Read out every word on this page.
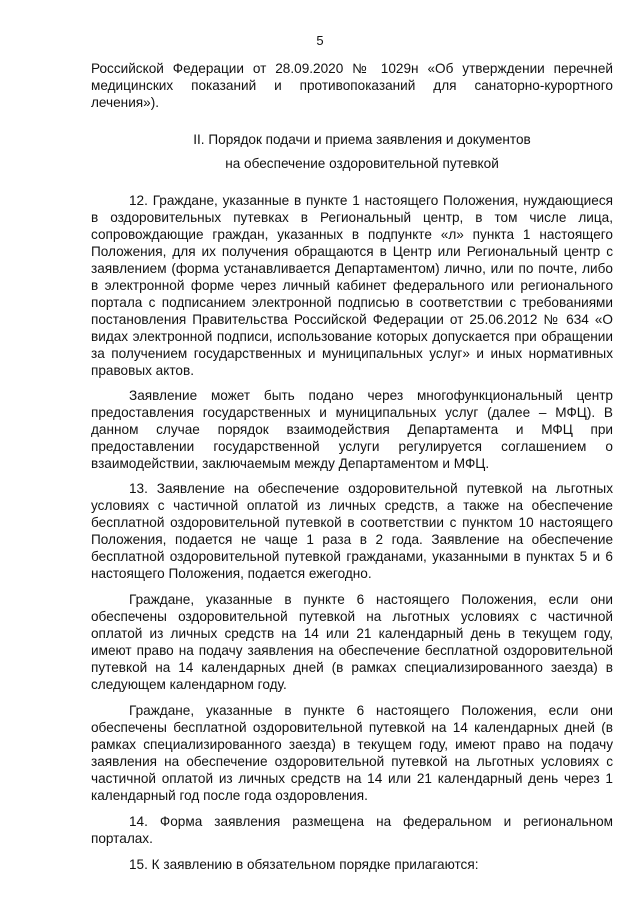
5

Российской Федерации от 28.09.2020 № 1029н «Об утверждении перечней медицинских показаний и противопоказаний для санаторно-курортного лечения»).

II. Порядок подачи и приема заявления и документов

на обеспечение оздоровительной путевкой

12. Граждане, указанные в пункте 1 настоящего Положения, нуждающиеся в оздоровительных путевках в Региональный центр, в том числе лица, сопровождающие граждан, указанных в подпункте «л» пункта 1 настоящего Положения, для их получения обращаются в Центр или Региональный центр с заявлением (форма устанавливается Департаментом) лично, или по почте, либо в электронной форме через личный кабинет федерального или регионального портала с подписанием электронной подписью в соответствии с требованиями постановления Правительства Российской Федерации от 25.06.2012 № 634 «О видах электронной подписи, использование которых допускается при обращении за получением государственных и муниципальных услуг» и иных нормативных правовых актов.

Заявление может быть подано через многофункциональный центр предоставления государственных и муниципальных услуг (далее – МФЦ). В данном случае порядок взаимодействия Департамента и МФЦ при предоставлении государственной услуги регулируется соглашением о взаимодействии, заключаемым между Департаментом и МФЦ.

13. Заявление на обеспечение оздоровительной путевкой на льготных условиях с частичной оплатой из личных средств, а также на обеспечение бесплатной оздоровительной путевкой в соответствии с пунктом 10 настоящего Положения, подается не чаще 1 раза в 2 года. Заявление на обеспечение бесплатной оздоровительной путевкой гражданами, указанными в пунктах 5 и 6 настоящего Положения, подается ежегодно.

Граждане, указанные в пункте 6 настоящего Положения, если они обеспечены оздоровительной путевкой на льготных условиях с частичной оплатой из личных средств на 14 или 21 календарный день в текущем году, имеют право на подачу заявления на обеспечение бесплатной оздоровительной путевкой на 14 календарных дней (в рамках специализированного заезда) в следующем календарном году.

Граждане, указанные в пункте 6 настоящего Положения, если они обеспечены бесплатной оздоровительной путевкой на 14 календарных дней (в рамках специализированного заезда) в текущем году, имеют право на подачу заявления на обеспечение оздоровительной путевкой на льготных условиях с частичной оплатой из личных средств на 14 или 21 календарный день через 1 календарный год после года оздоровления.

14. Форма заявления размещена на федеральном и региональном порталах.

15. К заявлению в обязательном порядке прилагаются:
